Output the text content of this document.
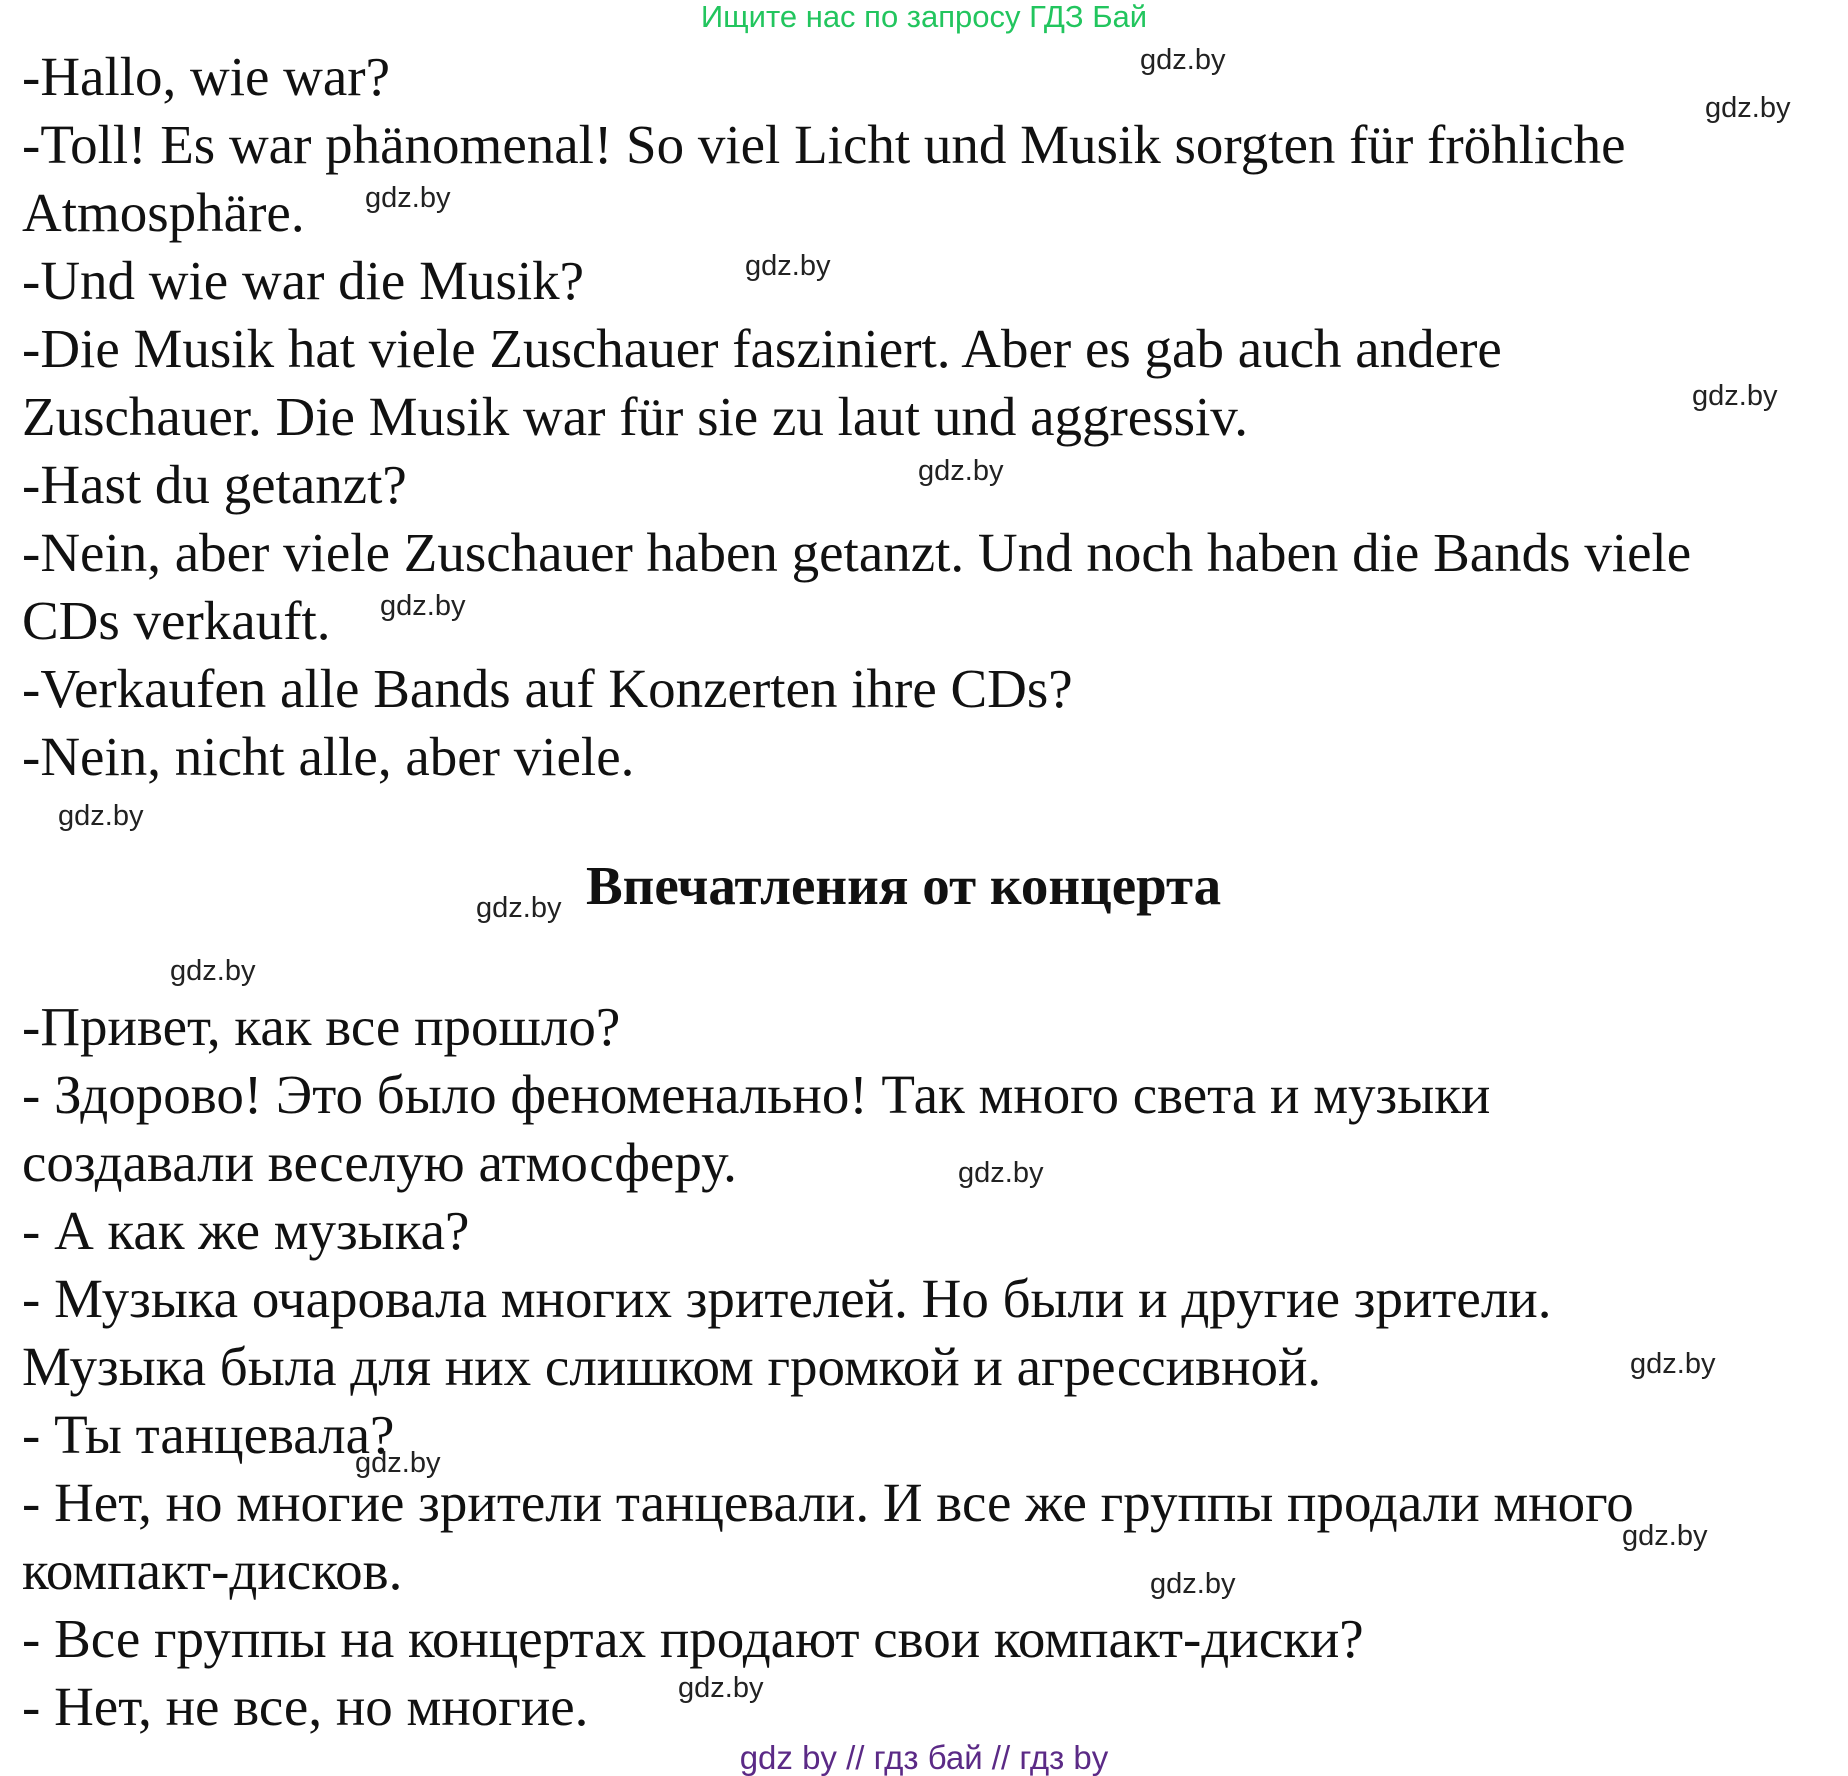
Ищите нас по запросу ГДЗ Бай
-Hallo, wie war?
-Toll! Es war phänomenal! So viel Licht und Musik sorgten für fröhliche
Atmosphäre.
-Und wie war die Musik?
-Die Musik hat viele Zuschauer fasziniert. Aber es gab auch andere
Zuschauer. Die Musik war für sie zu laut und aggressiv.
-Hast du getanzt?
-Nein, aber viele Zuschauer haben getanzt. Und noch haben die Bands viele
CDs verkauft.
-Verkaufen alle Bands auf Konzerten ihre CDs?
-Nein, nicht alle, aber viele.
Впечатления от концерта
-Привет, как все прошло?
- Здорово! Это было феноменально! Так много света и музыки
создавали веселую атмосферу.
- А как же музыка?
- Музыка очаровала многих зрителей. Но были и другие зрители.
Музыка была для них слишком громкой и агрессивной.
- Ты танцевала?
- Нет, но многие зрители танцевали. И все же группы продали много
компакт-дисков.
- Все группы на концертах продают свои компакт-диски?
- Нет, не все, но многие.
gdz.by
gdz.by
gdz.by
gdz.by
gdz.by
gdz.by
gdz.by
gdz.by
gdz.by
gdz.by
gdz.by
gdz.by
gdz.by
gdz.by
gdz.by
gdz.by
gdz by // гдз бай // гдз by
